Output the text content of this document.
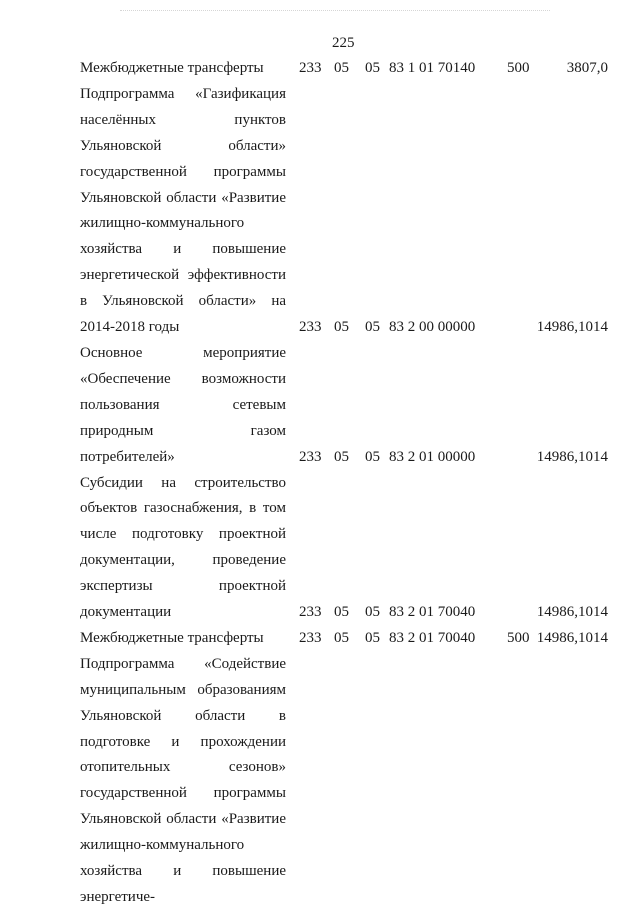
225
Межбюджетные трансферты	233 05 05 83 1 01 70140 500 3807,0
Подпрограмма «Газификация населённых пунктов Ульяновской области» государственной программы Ульяновской области «Развитие жилищно-коммунального хозяйства и повышение энергетической эффективности в Ульяновской области» на 2014-2018 годы	233 05 05 83 2 00 00000	14986,1014
Основное мероприятие «Обеспечение возможности пользования сетевым природным газом потребителей»	233 05 05 83 2 01 00000	14986,1014
Субсидии на строительство объектов газоснабжения, в том числе подготовку проектной документации, проведение экспертизы проектной документации	233 05 05 83 2 01 70040	14986,1014
Межбюджетные трансферты	233 05 05 83 2 01 70040 500 14986,1014
Подпрограмма «Содействие муниципальным образованиям Ульяновской области в подготовке и прохождении отопительных сезонов» государственной программы Ульяновской области «Развитие жилищно-коммунального хозяйства и повышение энергетиче-
